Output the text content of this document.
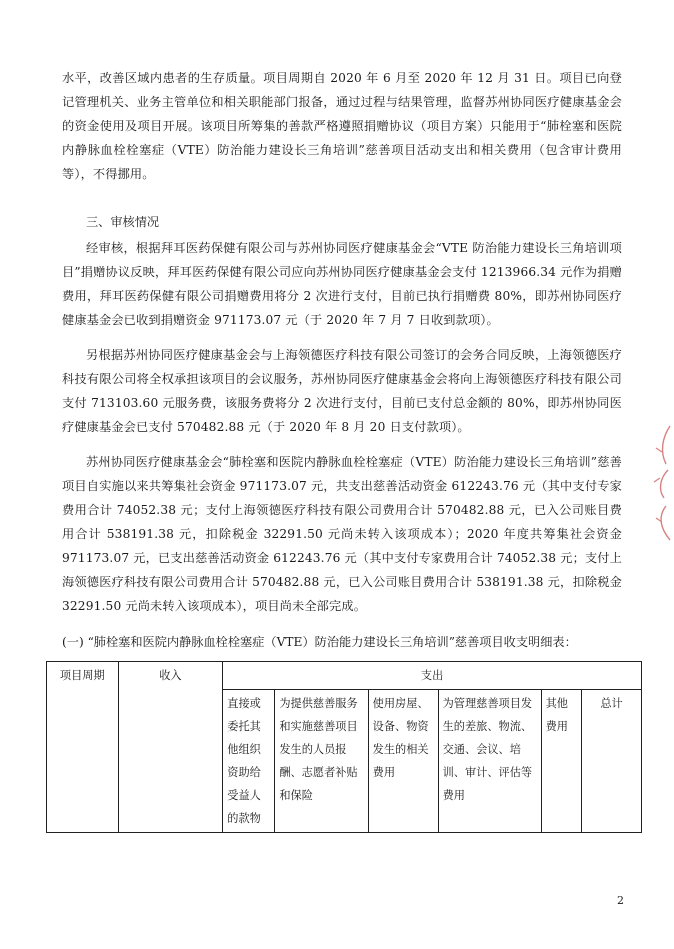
水平，改善区域内患者的生存质量。项目周期自 2020 年 6 月至 2020 年 12 月 31 日。项目已向登记管理机关、业务主管单位和相关职能部门报备，通过过程与结果管理，监督苏州协同医疗健康基金会的资金使用及项目开展。该项目所筹集的善款严格遵照捐赠协议（项目方案）只能用于“肺栓塞和医院内静脉血栓栓塞症（VTE）防治能力建设长三角培训”慈善项目活动支出和相关费用（包含审计费用等），不得挪用。
三、审核情况
经审核，根据拜耳医药保健有限公司与苏州协同医疗健康基金会“VTE 防治能力建设长三角培训项目”捐赠协议反映，拜耳医药保健有限公司应向苏州协同医疗健康基金会支付 1213966.34 元作为捐赠费用，拜耳医药保健有限公司捐赠费用将分 2 次进行支付，目前已执行捐赠费 80%，即苏州协同医疗健康基金会已收到捐赠资金 971173.07 元（于 2020 年 7 月 7 日收到款项）。
另根据苏州协同医疗健康基金会与上海领德医疗科技有限公司签订的会务合同反映，上海领德医疗科技有限公司将全权承担该项目的会议服务，苏州协同医疗健康基金会将向上海领德医疗科技有限公司支付 713103.60 元服务费，该服务费将分 2 次进行支付，目前已支付总金额的 80%，即苏州协同医疗健康基金会已支付 570482.88 元（于 2020 年 8 月 20 日支付款项）。
苏州协同医疗健康基金会“肺栓塞和医院内静脉血栓栓塞症（VTE）防治能力建设长三角培训”慈善项目自实施以来共筹集社会资金 971173.07 元，共支出慈善活动资金 612243.76 元（其中支付专家费用合计 74052.38 元；支付上海领德医疗科技有限公司费用合计 570482.88 元，已入公司账目费用合计 538191.38 元，扣除税金 32291.50 元尚未转入该项成本）；2020 年度共筹集社会资金 971173.07 元，已支出慈善活动资金 612243.76 元（其中支付专家费用合计 74052.38 元；支付上海领德医疗科技有限公司费用合计 570482.88 元，已入公司账目费用合计 538191.38 元，扣除税金 32291.50 元尚未转入该项成本），项目尚未全部完成。
(一) “肺栓塞和医院内静脉血栓栓塞症（VTE）防治能力建设长三角培训”慈善项目收支明细表：
项目周期	收入	支出					
		直接或委托其他组织资助给受益人的款物	为提供慈善服务和实施慈善项目发生的人员报酬、志愿者补贴和保险	使用房屋、设备、物资发生的相关费用	为管理慈善项目发生的差旅、物流、交通、会议、培训、审计、评估等费用	其他费用	总计
2
